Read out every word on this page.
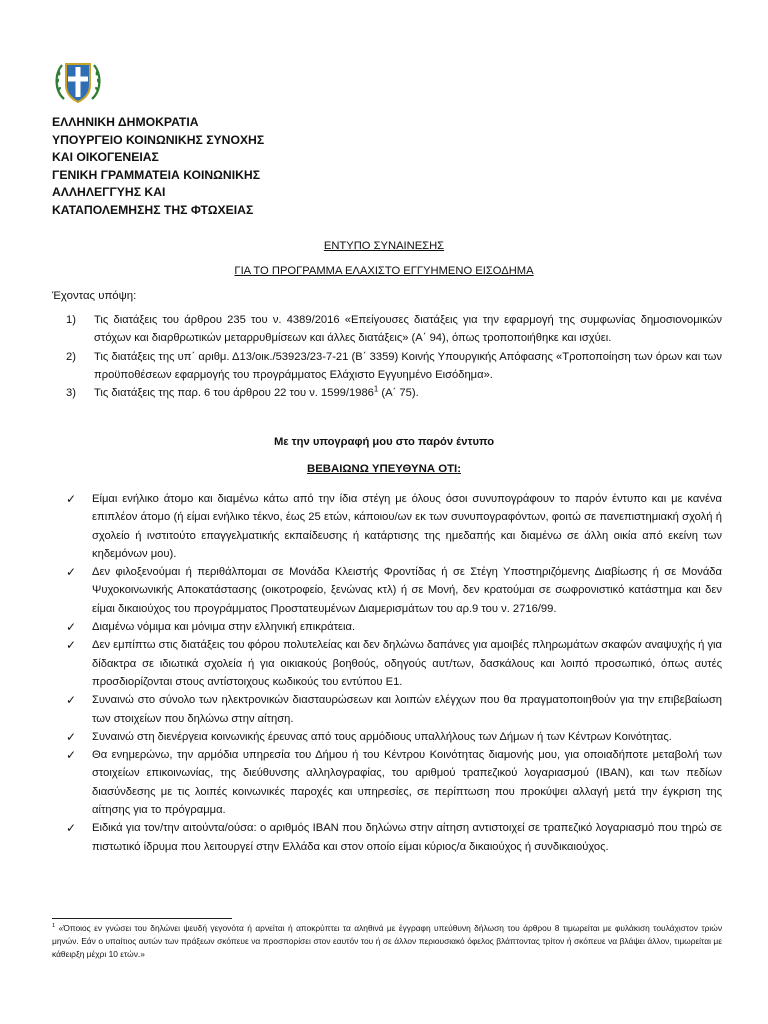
ΕΛΛΗΝΙΚΗ ΔΗΜΟΚΡΑΤΙΑ
ΥΠΟΥΡΓΕΙΟ ΚΟΙΝΩΝΙΚΗΣ ΣΥΝΟΧΗΣ
ΚΑΙ ΟΙΚΟΓΕΝΕΙΑΣ
ΓΕΝΙΚΗ ΓΡΑΜΜΑΤΕΙΑ ΚΟΙΝΩΝΙΚΗΣ
ΑΛΛΗΛΕΓΓΥΗΣ ΚΑΙ
ΚΑΤΑΠΟΛΕΜΗΣΗΣ ΤΗΣ ΦΤΩΧΕΙΑΣ
ΕΝΤΥΠΟ ΣΥΝΑΙΝΕΣΗΣ
ΓΙΑ ΤΟ ΠΡΟΓΡΑΜΜΑ ΕΛΑΧΙΣΤΟ ΕΓΓΥΗΜΕΝΟ ΕΙΣΟΔΗΜΑ
Έχοντας υπόψη:
1)	Τις διατάξεις του άρθρου 235 του ν. 4389/2016 «Επείγουσες διατάξεις για την εφαρμογή της συμφωνίας δημοσιονομικών στόχων και διαρθρωτικών μεταρρυθμίσεων και άλλες διατάξεις» (Α΄ 94), όπως τροποποιήθηκε και ισχύει.
2)	Τις διατάξεις της υπ΄ αριθμ. Δ13/οικ./53923/23-7-21 (Β΄ 3359) Κοινής Υπουργικής Απόφασης «Τροποποίηση των όρων και των προϋποθέσεων εφαρμογής του προγράμματος Ελάχιστο Εγγυημένο Εισόδημα».
3)	Τις διατάξεις της παρ. 6 του άρθρου 22 του ν. 1599/1986$^1$ (Α΄ 75).
Με την υπογραφή μου στο παρόν έντυπο
ΒΕΒΑΙΩΝΩ ΥΠΕΥΘΥΝΑ ΟΤΙ:
✓	Είμαι ενήλικο άτομο και διαμένω κάτω από την ίδια στέγη με όλους όσοι συνυπογράφουν το παρόν έντυπο και με κανένα επιπλέον άτομο (ή είμαι ενήλικο τέκνο, έως 25 ετών, κάποιου/ων εκ των συνυπογραφόντων, φοιτώ σε πανεπιστημιακή σχολή ή σχολείο ή ινστιτούτο επαγγελματικής εκπαίδευσης ή κατάρτισης της ημεδαπής και διαμένω σε άλλη οικία από εκείνη των κηδεμόνων μου).
✓	Δεν φιλοξενούμαι ή περιθάλπομαι σε Μονάδα Κλειστής Φροντίδας ή σε Στέγη Υποστηριζόμενης Διαβίωσης ή σε Μονάδα Ψυχοκοινωνικής Αποκατάστασης (οικοτροφείο, ξενώνας κτλ) ή σε Μονή, δεν κρατούμαι σε σωφρονιστικό κατάστημα και δεν είμαι δικαιούχος του προγράμματος Προστατευμένων Διαμερισμάτων του αρ.9 του ν. 2716/99.
✓	Διαμένω νόμιμα και μόνιμα στην ελληνική επικράτεια.
✓	Δεν εμπίπτω στις διατάξεις του φόρου πολυτελείας και δεν δηλώνω δαπάνες για αμοιβές πληρωμάτων σκαφών αναψυχής ή για δίδακτρα σε ιδιωτικά σχολεία ή για οικιακούς βοηθούς, οδηγούς αυτ/των, δασκάλους και λοιπό προσωπικό, όπως αυτές προσδιορίζονται στους αντίστοιχους κωδικούς του εντύπου Ε1.
✓	Συναινώ στο σύνολο των ηλεκτρονικών διασταυρώσεων και λοιπών ελέγχων που θα πραγματοποιηθούν για την επιβεβαίωση των στοιχείων που δηλώνω στην αίτηση.
✓	Συναινώ στη διενέργεια κοινωνικής έρευνας από τους αρμόδιους υπαλλήλους των Δήμων ή των Κέντρων Κοινότητας.
✓	Θα ενημερώνω, την αρμόδια υπηρεσία του Δήμου ή του Κέντρου Κοινότητας διαμονής μου, για οποιαδήποτε μεταβολή των στοιχείων επικοινωνίας, της διεύθυνσης αλληλογραφίας, του αριθμού τραπεζικού λογαριασμού (IBAN), και των πεδίων διασύνδεσης με τις λοιπές κοινωνικές παροχές και υπηρεσίες, σε περίπτωση που προκύψει αλλαγή μετά την έγκριση της αίτησης για το πρόγραμμα.
✓	Ειδικά για τον/την αιτούντα/ούσα: ο αριθμός IBAN που δηλώνω στην αίτηση αντιστοιχεί σε τραπεζικό λογαριασμό που τηρώ σε πιστωτικό ίδρυμα που λειτουργεί στην Ελλάδα και στον οποίο είμαι κύριος/α δικαιούχος ή συνδικαιούχος.
$^1$ «Όποιος εν γνώσει του δηλώνει ψευδή γεγονότα ή αρνείται ή αποκρύπτει τα αληθινά με έγγραφη υπεύθυνη δήλωση του άρθρου 8 τιμωρείται με φυλάκιση τουλάχιστον τριών μηνών. Εάν ο υπαίτιος αυτών των πράξεων σκόπευε να προσπορίσει στον εαυτόν του ή σε άλλον περιουσιακό όφελος βλάπτοντας τρίτον ή σκόπευε να βλάψει άλλον, τιμωρείται με κάθειρξη μέχρι 10 ετών.»
